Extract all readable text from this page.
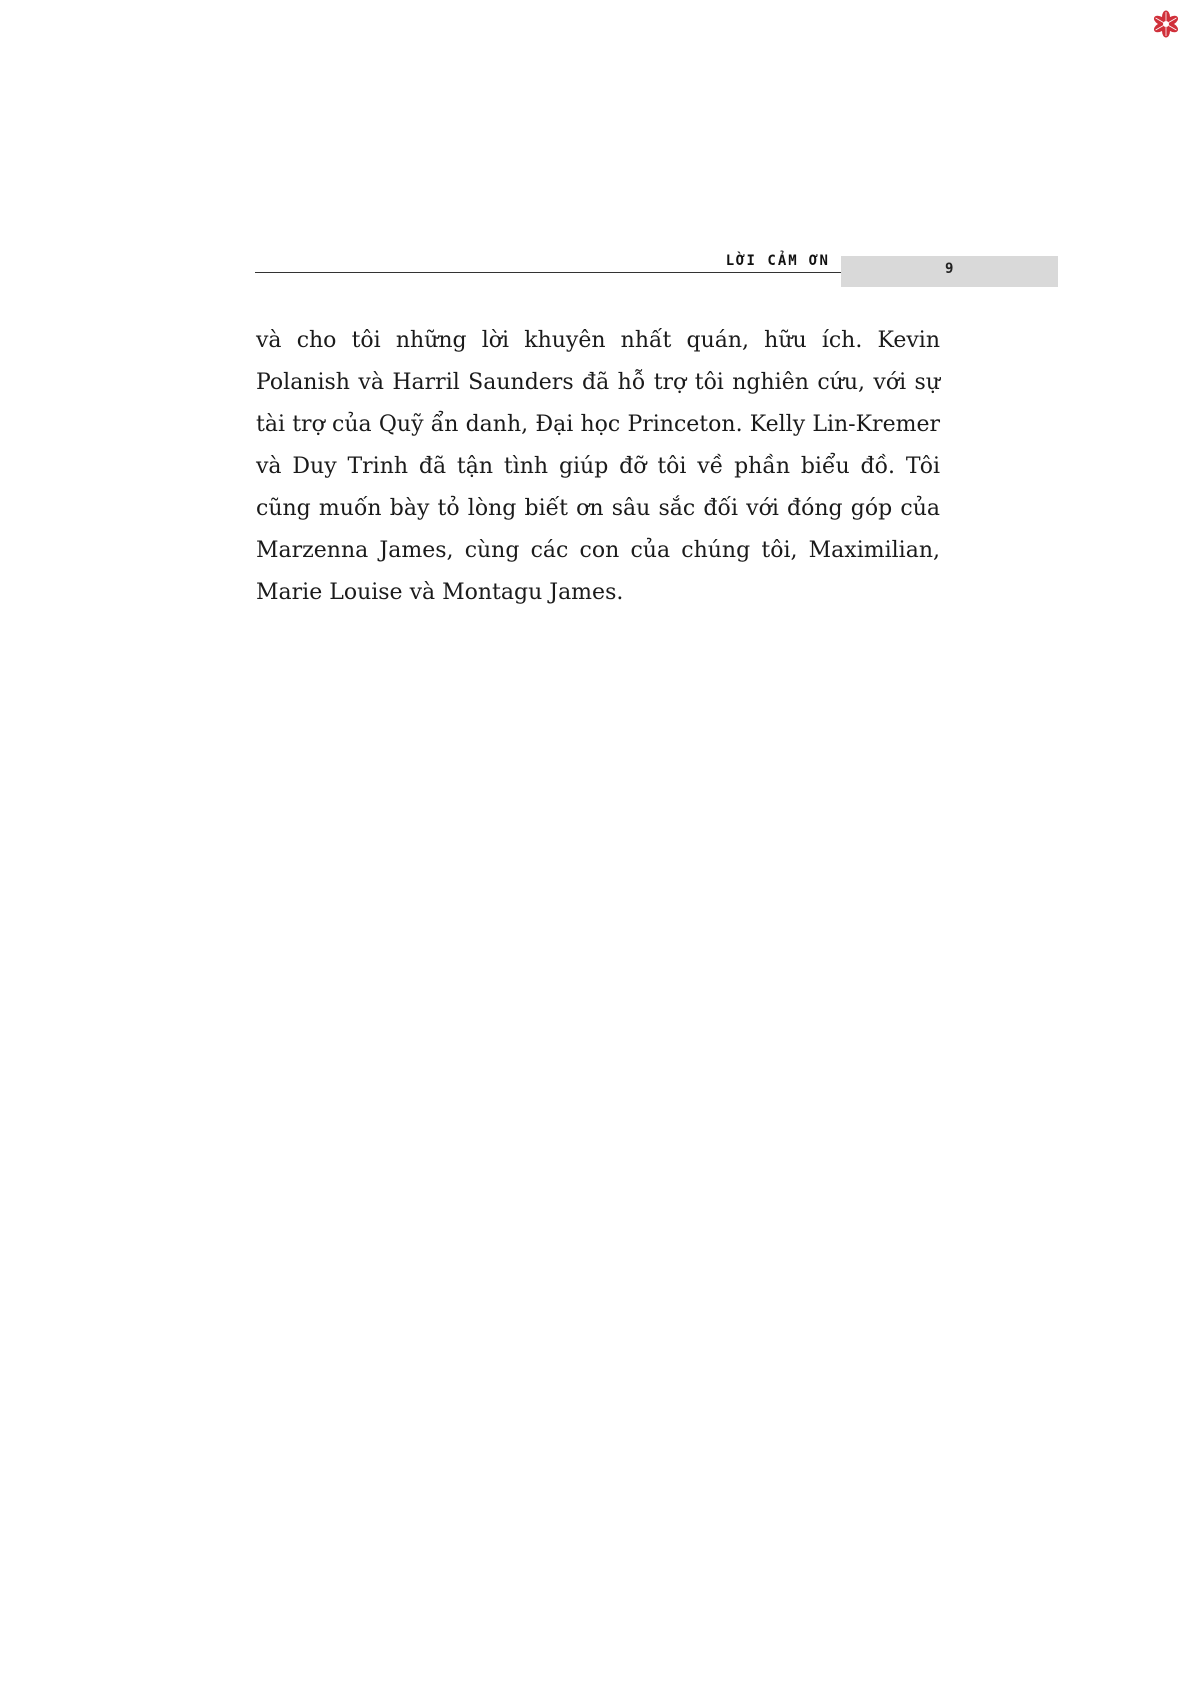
LỜI CẢM ƠN	9

và cho tôi những lời khuyên nhất quán, hữu ích. Kevin Polanish và Harril Saunders đã hỗ trợ tôi nghiên cứu, với sự tài trợ của Quỹ ẩn danh, Đại học Princeton. Kelly Lin-Kremer và Duy Trinh đã tận tình giúp đỡ tôi về phần biểu đồ. Tôi cũng muốn bày tỏ lòng biết ơn sâu sắc đối với đóng góp của Marzenna James, cùng các con của chúng tôi, Maximilian, Marie Louise và Montagu James.
